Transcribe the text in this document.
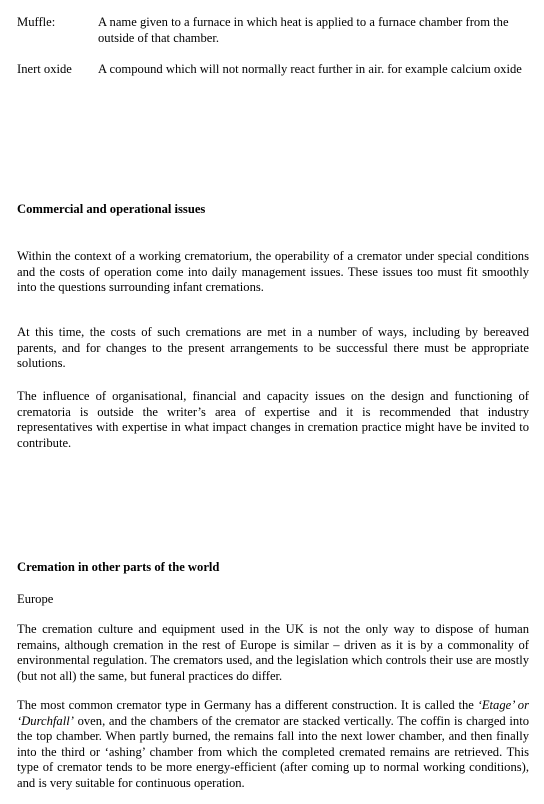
Muffle:	A name given to a furnace in which heat is applied to a furnace chamber from the outside of that chamber.
Inert oxide	A compound which will not normally react further in air. for example calcium oxide
Commercial and operational issues

Within the context of a working crematorium, the operability of a cremator under special conditions and the costs of operation come into daily management issues. These issues too must fit smoothly into the questions surrounding infant cremations.

At this time, the costs of such cremations are met in a number of ways, including by bereaved parents, and for changes to the present arrangements to be successful there must be appropriate solutions.

The influence of organisational, financial and capacity issues on the design and functioning of crematoria is outside the writer’s area of expertise and it is recommended that industry representatives with expertise in what impact changes in cremation practice might have be invited to contribute.

Cremation in other parts of the world
Europe

The cremation culture and equipment used in the UK is not the only way to dispose of human remains, although cremation in the rest of Europe is similar – driven as it is by a commonality of environmental regulation. The cremators used, and the legislation which controls their use are mostly (but not all) the same, but funeral practices do differ.

The most common cremator type in Germany has a different construction. It is called the ‘Etage’ or ‘Durchfall’ oven, and the chambers of the cremator are stacked vertically. The coffin is charged into the top chamber. When partly burned, the remains fall into the next lower chamber, and then finally into the third or ‘ashing’ chamber from which the completed cremated remains are retrieved. This type of cremator tends to be more energy-efficient (after coming up to normal working conditions), and is very suitable for continuous operation.
